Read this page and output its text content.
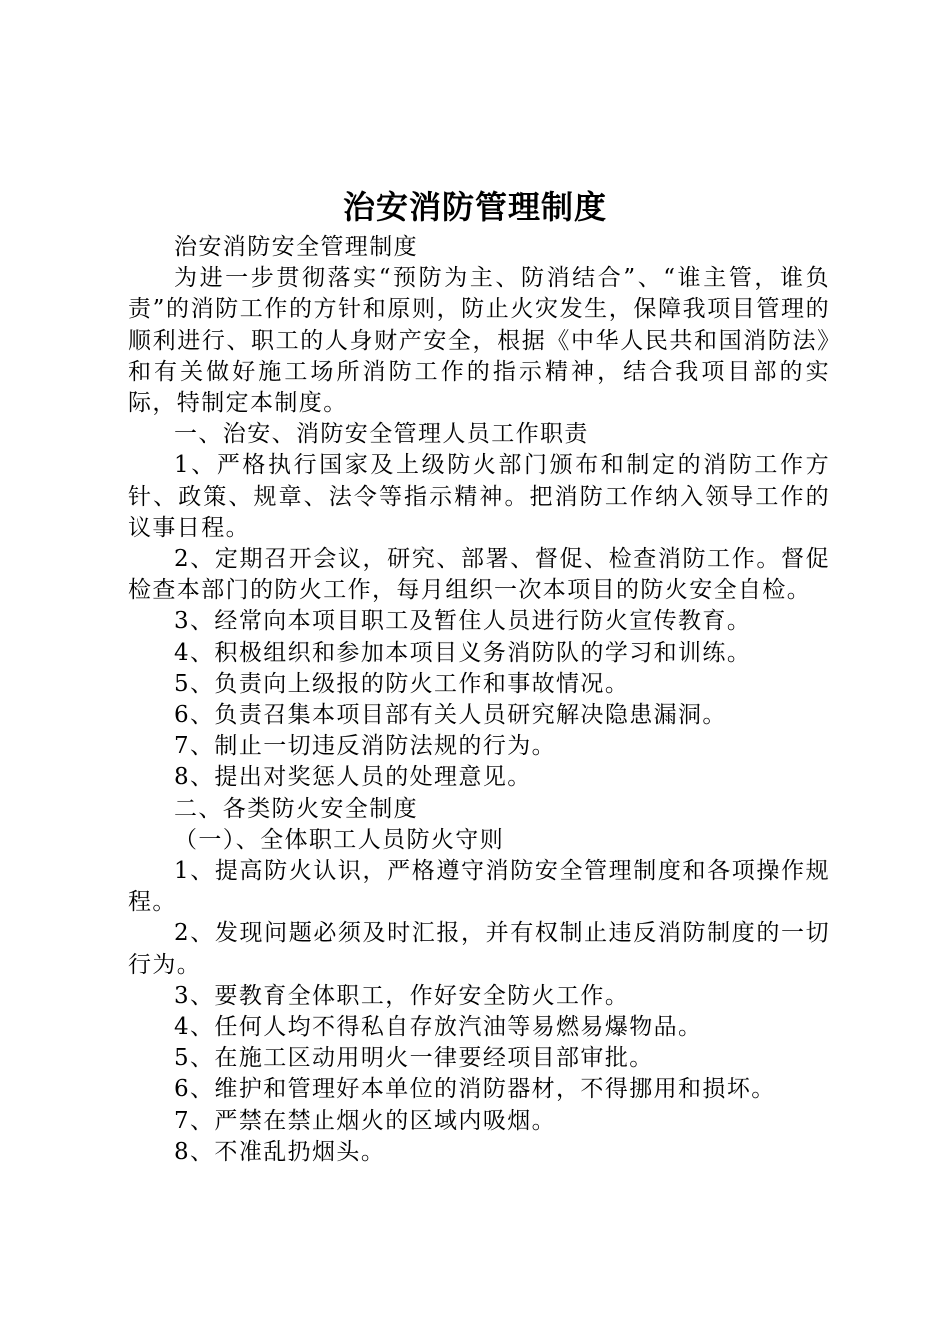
治安消防管理制度

治安消防安全管理制度

为进一步贯彻落实“预防为主、防消结合”、“谁主管，谁负责”的消防工作的方针和原则，防止火灾发生，保障我项目管理的顺利进行、职工的人身财产安全，根据《中华人民共和国消防法》和有关做好施工场所消防工作的指示精神，结合我项目部的实际，特制定本制度。

一、治安、消防安全管理人员工作职责

1、严格执行国家及上级防火部门颁布和制定的消防工作方针、政策、规章、法令等指示精神。把消防工作纳入领导工作的议事日程。

2、定期召开会议，研究、部署、督促、检查消防工作。督促检查本部门的防火工作，每月组织一次本项目的防火安全自检。

3、经常向本项目职工及暂住人员进行防火宣传教育。

4、积极组织和参加本项目义务消防队的学习和训练。

5、负责向上级报的防火工作和事故情况。

6、负责召集本项目部有关人员研究解决隐患漏洞。

7、制止一切违反消防法规的行为。

8、提出对奖惩人员的处理意见。

二、各类防火安全制度

（一）、全体职工人员防火守则

1、提高防火认识，严格遵守消防安全管理制度和各项操作规程。

2、发现问题必须及时汇报，并有权制止违反消防制度的一切行为。

3、要教育全体职工，作好安全防火工作。

4、任何人均不得私自存放汽油等易燃易爆物品。

5、在施工区动用明火一律要经项目部审批。

6、维护和管理好本单位的消防器材，不得挪用和损坏。

7、严禁在禁止烟火的区域内吸烟。

8、不准乱扔烟头。
